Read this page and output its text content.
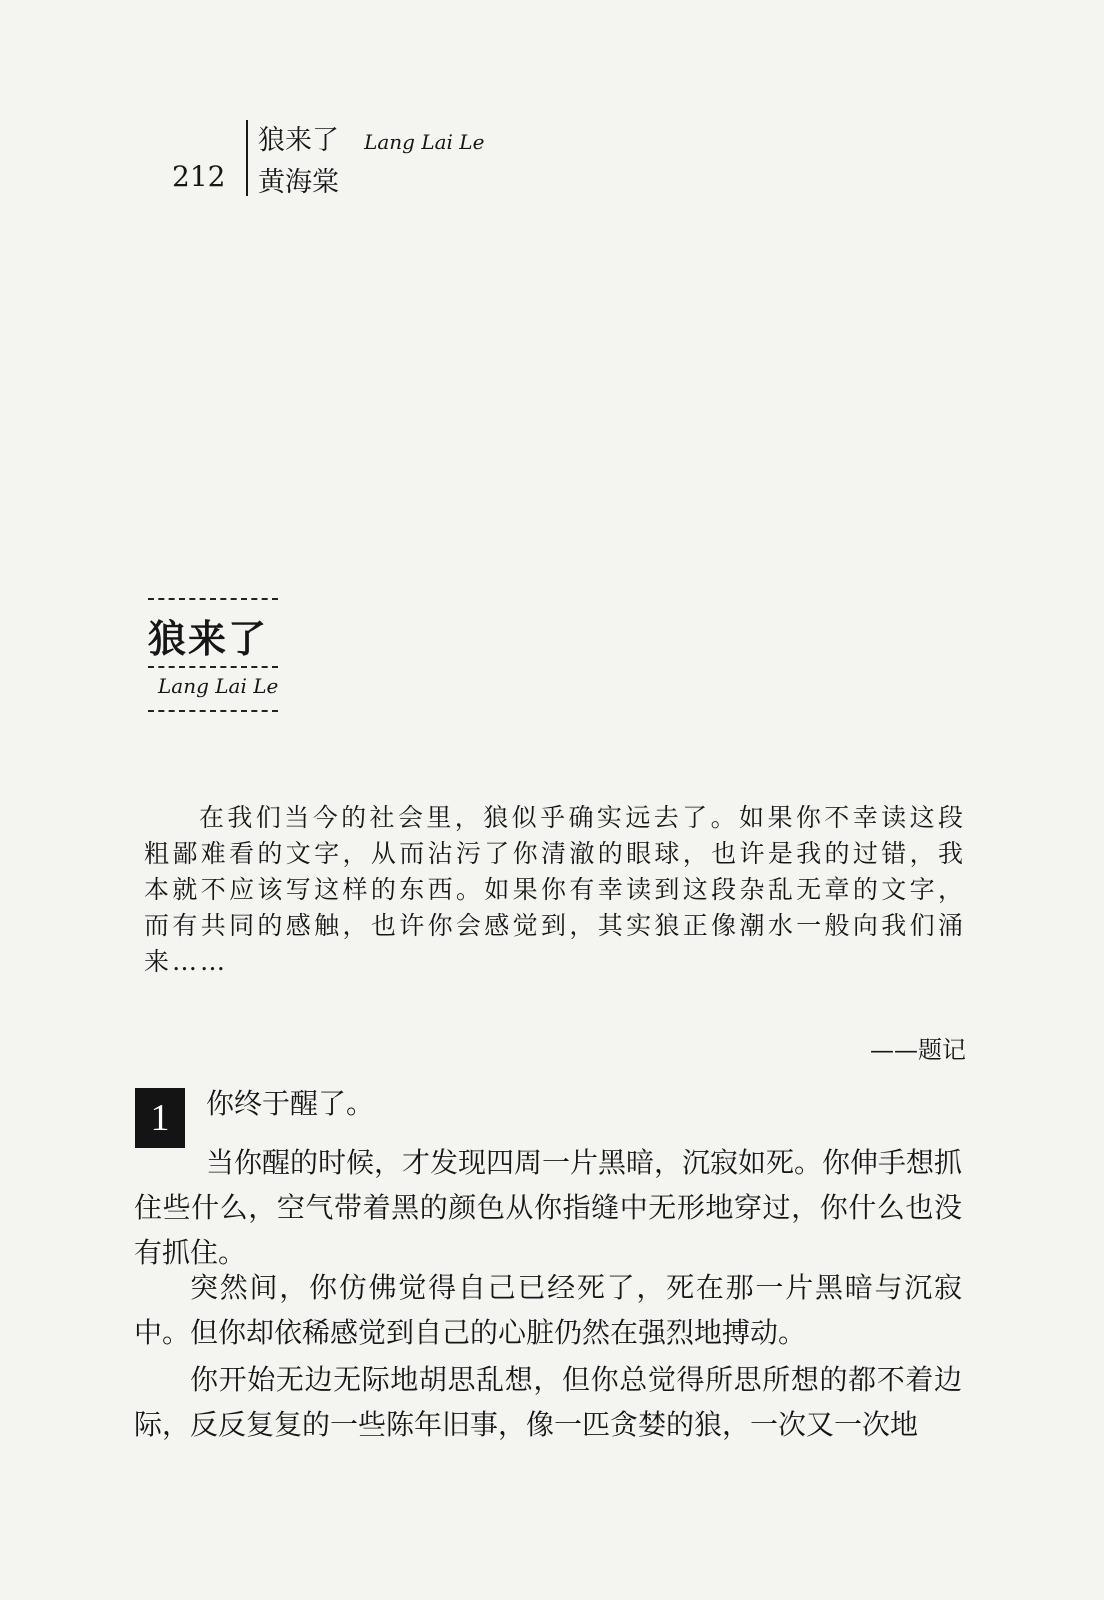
212
狼来了 Lang Lai Le
黄海棠
狼来了
Lang Lai Le

在我们当今的社会里，狼似乎确实远去了。如果你不幸读这段粗鄙难看的文字，从而沾污了你清澈的眼球，也许是我的过错，我本就不应该写这样的东西。如果你有幸读到这段杂乱无章的文字，而有共同的感触，也许你会感觉到，其实狼正像潮水一般向我们涌来……

——题记
1	你终于醒了。

当你醒的时候，才发现四周一片黑暗，沉寂如死。你伸手想抓住些什么，空气带着黑的颜色从你指缝中无形地穿过，你什么也没有抓住。

突然间，你仿佛觉得自己已经死了，死在那一片黑暗与沉寂中。但你却依稀感觉到自己的心脏仍然在强烈地搏动。

你开始无边无际地胡思乱想，但你总觉得所思所想的都不着边际，反反复复的一些陈年旧事，像一匹贪婪的狼，一次又一次地
